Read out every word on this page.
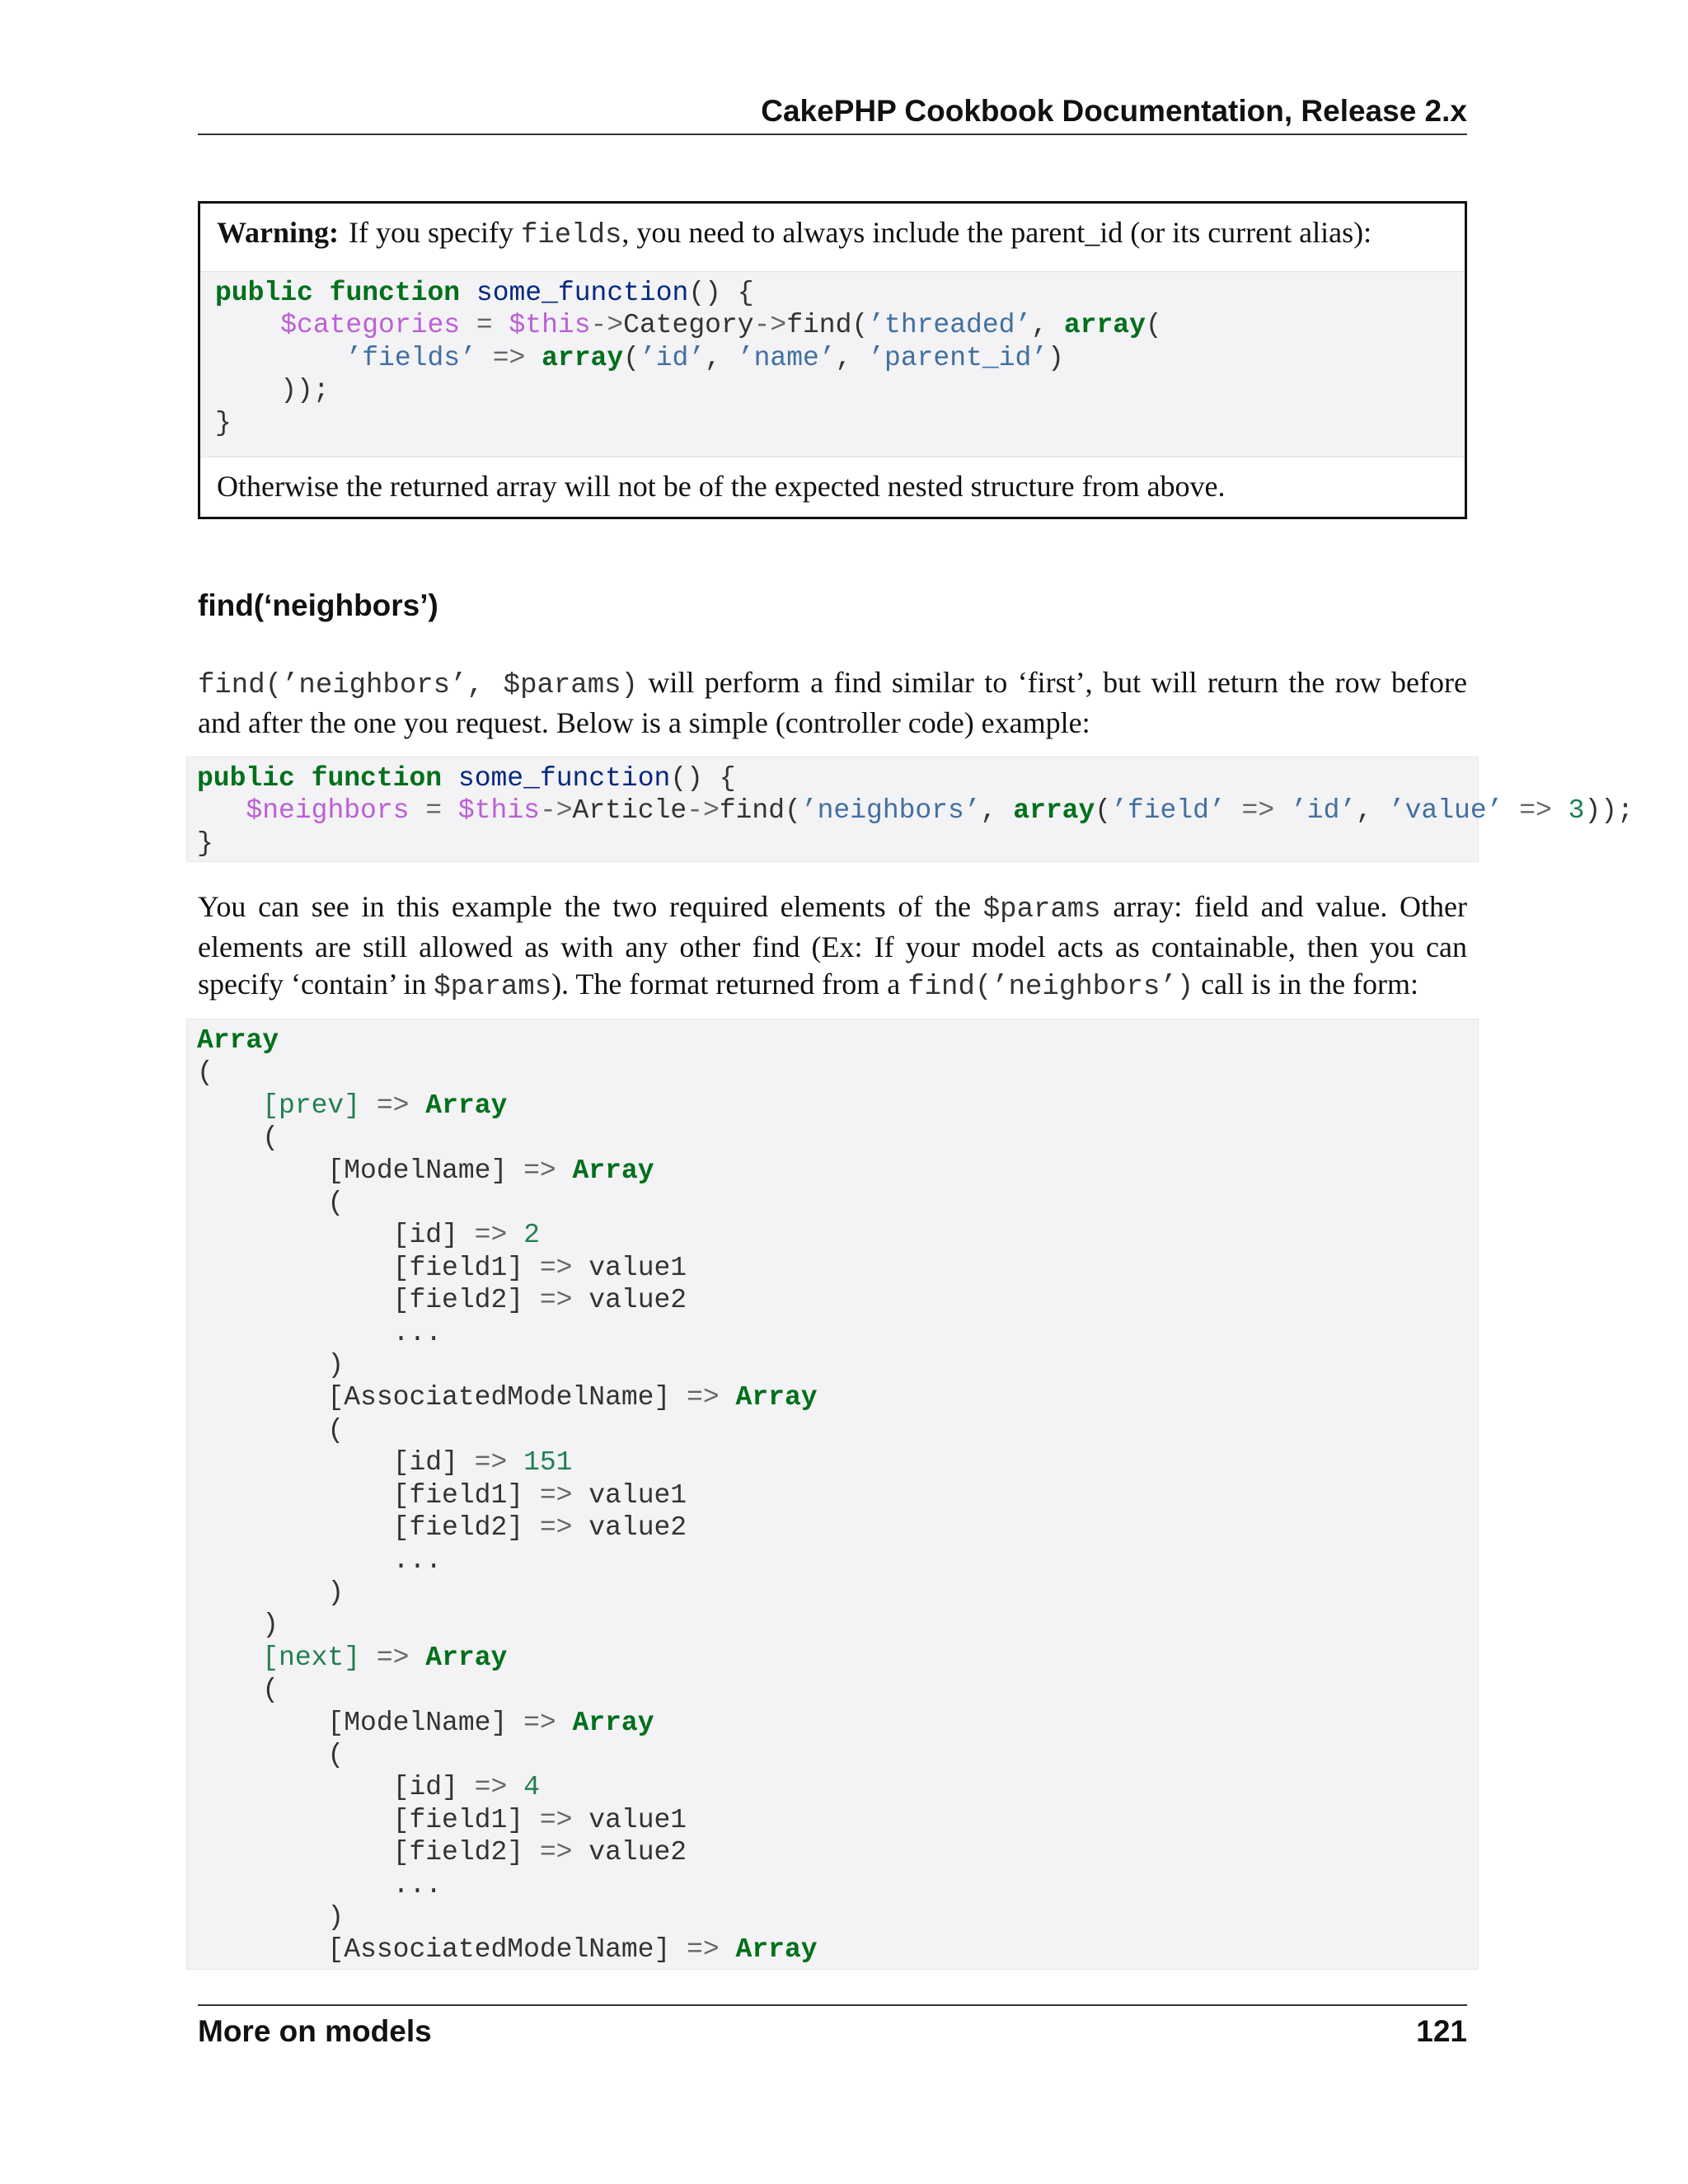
CakePHP Cookbook Documentation, Release 2.x
Warning: If you specify fields, you need to always include the parent_id (or its current alias):
public function some_function() {
$categories = $this->Category->find(’threaded’, array(
’fields’ => array(’id’, ’name’, ’parent_id’)
));
}
Otherwise the returned array will not be of the expected nested structure from above.
find(‘neighbors’)
find(’neighbors’, $params) will perform a find similar to ‘first’, but will return the row before and after the one you request. Below is a simple (controller code) example:
public function some_function() {
$neighbors = $this->Article->find(’neighbors’, array(’field’ => ’id’, ’value’ => 3));
}
You can see in this example the two required elements of the $params array: field and value. Other elements are still allowed as with any other find (Ex: If your model acts as containable, then you can specify ‘contain’ in $params). The format returned from a find(’neighbors’) call is in the form:
Array
(
[prev] => Array
(
[ModelName] => Array
(
[id] => 2
[field1] => value1
[field2] => value2
...
)
[AssociatedModelName] => Array
(
[id] => 151
[field1] => value1
[field2] => value2
...
)
)
[next] => Array
(
[ModelName] => Array
(
[id] => 4
[field1] => value1
[field2] => value2
...
)
[AssociatedModelName] => Array
More on models	121
